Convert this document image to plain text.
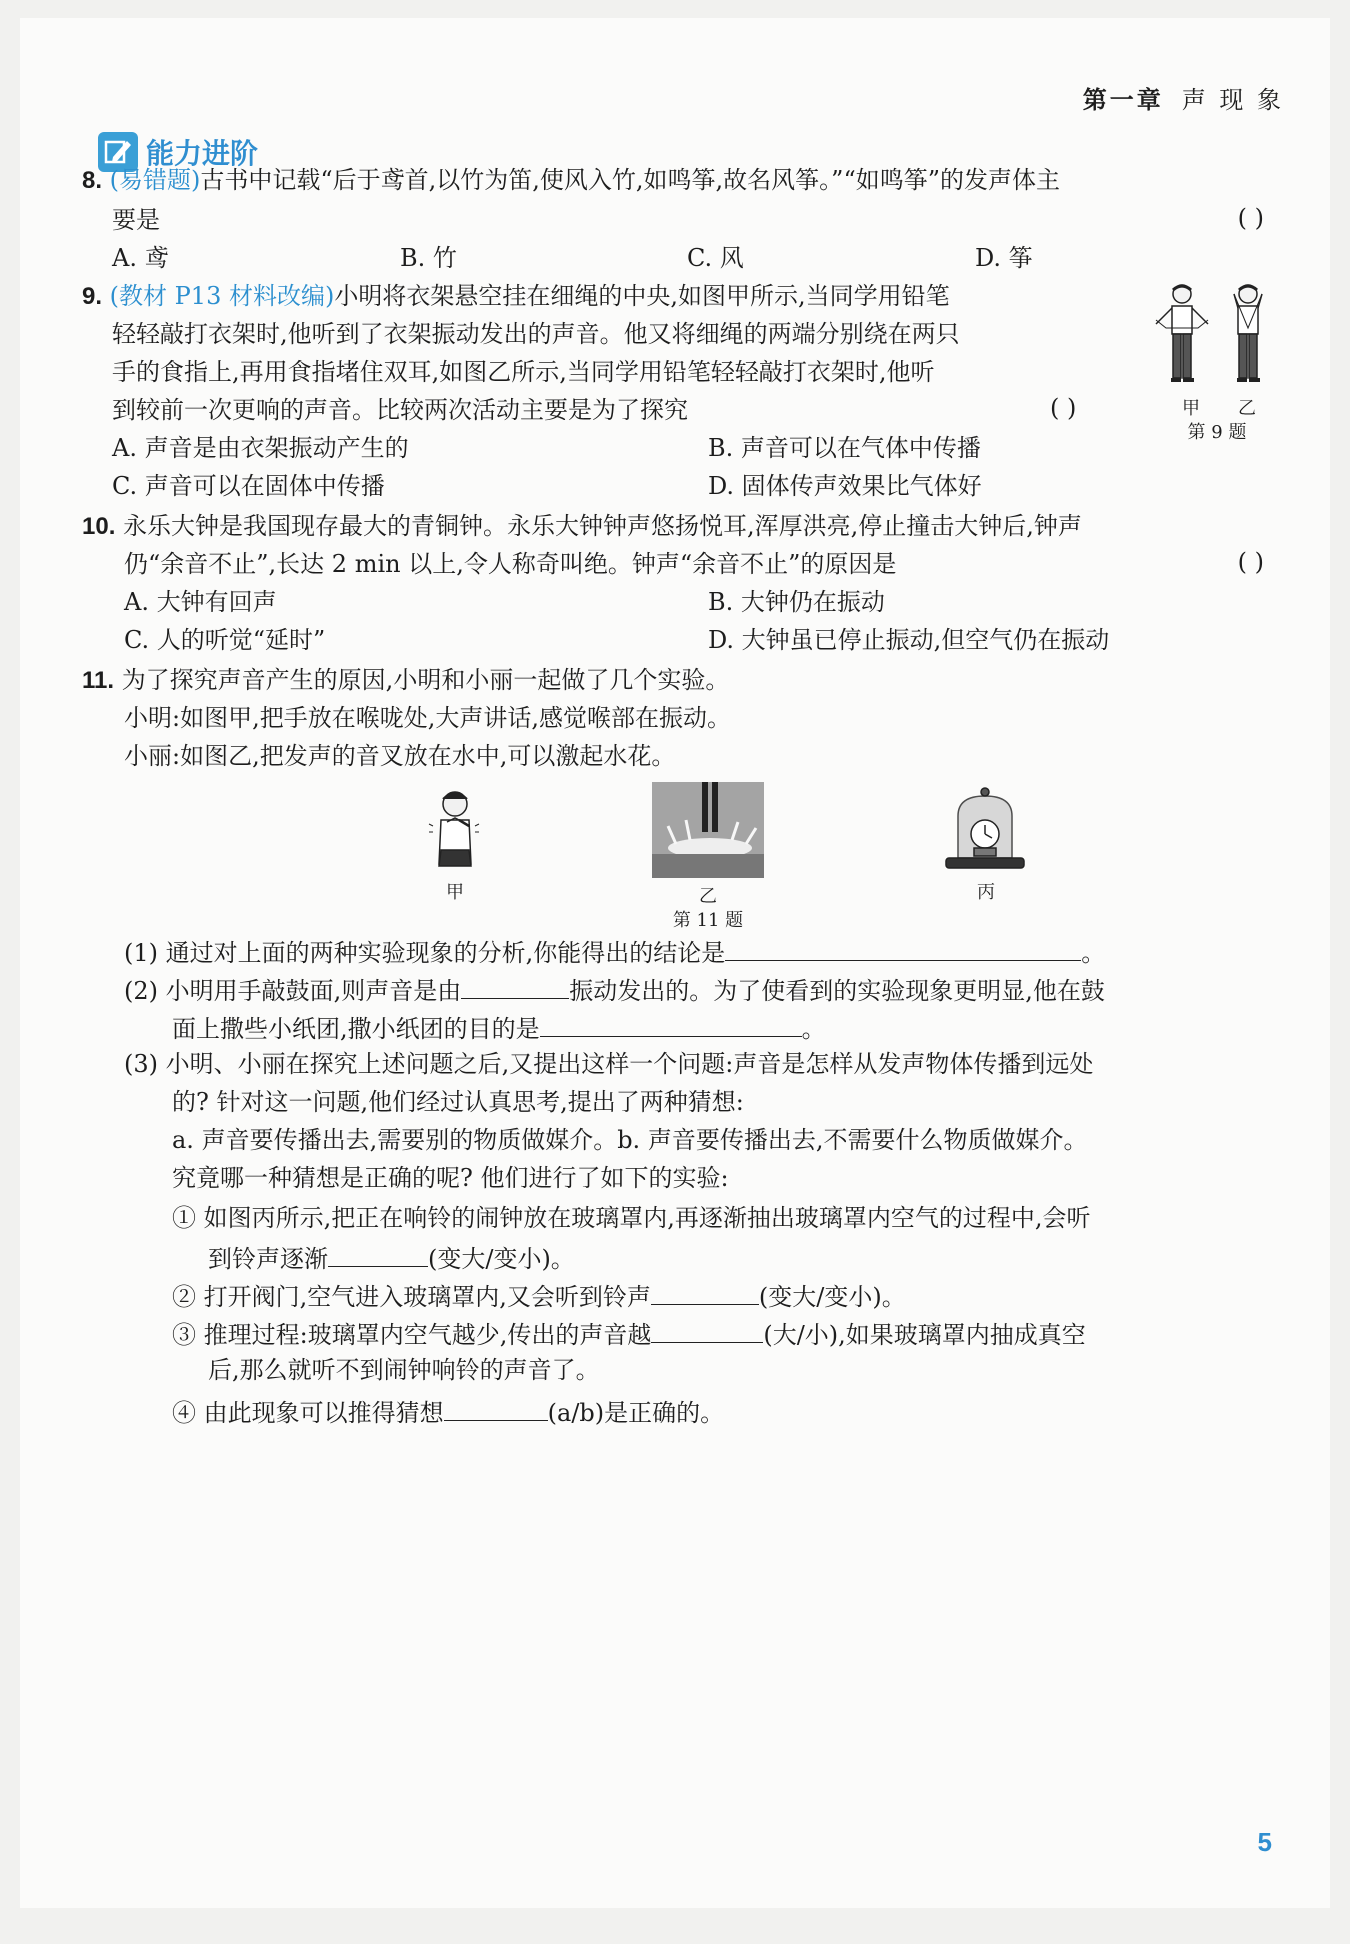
第一章 声 现 象
能力进阶
8. (易错题)古书中记载“后于鸢首,以竹为笛,使风入竹,如鸣筝,故名风筝。”“如鸣筝”的发声体主
要是	( )
A. 鸢	B. 竹	C. 风	D. 筝
9. (教材 P13 材料改编)小明将衣架悬空挂在细绳的中央,如图甲所示,当同学用铅笔
轻轻敲打衣架时,他听到了衣架振动发出的声音。他又将细绳的两端分别绕在两只
手的食指上,再用食指堵住双耳,如图乙所示,当同学用铅笔轻轻敲打衣架时,他听
到较前一次更响的声音。比较两次活动主要是为了探究	( )	甲	乙
第 9 题
A. 声音是由衣架振动产生的	B. 声音可以在气体中传播
C. 声音可以在固体中传播	D. 固体传声效果比气体好
10. 永乐大钟是我国现存最大的青铜钟。永乐大钟钟声悠扬悦耳,浑厚洪亮,停止撞击大钟后,钟声
仍“余音不止”,长达 2 min 以上,令人称奇叫绝。钟声“余音不止”的原因是	( )
A. 大钟有回声	B. 大钟仍在振动
C. 人的听觉“延时”	D. 大钟虽已停止振动,但空气仍在振动
11. 为了探究声音产生的原因,小明和小丽一起做了几个实验。
小明:如图甲,把手放在喉咙处,大声讲话,感觉喉部在振动。
小丽:如图乙,把发声的音叉放在水中,可以激起水花。
甲	乙	丙
第 11 题
(1) 通过对上面的两种实验现象的分析,你能得出的结论是	。
(2) 小明用手敲鼓面,则声音是由	振动发出的。为了使看到的实验现象更明显,他在鼓
面上撒些小纸团,撒小纸团的目的是	。
(3) 小明、小丽在探究上述问题之后,又提出这样一个问题:声音是怎样从发声物体传播到远处
的? 针对这一问题,他们经过认真思考,提出了两种猜想:
a. 声音要传播出去,需要别的物质做媒介。b. 声音要传播出去,不需要什么物质做媒介。
究竟哪一种猜想是正确的呢? 他们进行了如下的实验:
① 如图丙所示,把正在响铃的闹钟放在玻璃罩内,再逐渐抽出玻璃罩内空气的过程中,会听
到铃声逐渐	(变大/变小)。
② 打开阀门,空气进入玻璃罩内,又会听到铃声	(变大/变小)。
③ 推理过程:玻璃罩内空气越少,传出的声音越	(大/小),如果玻璃罩内抽成真空
后,那么就听不到闹钟响铃的声音了。
④ 由此现象可以推得猜想	(a/b)是正确的。
5
